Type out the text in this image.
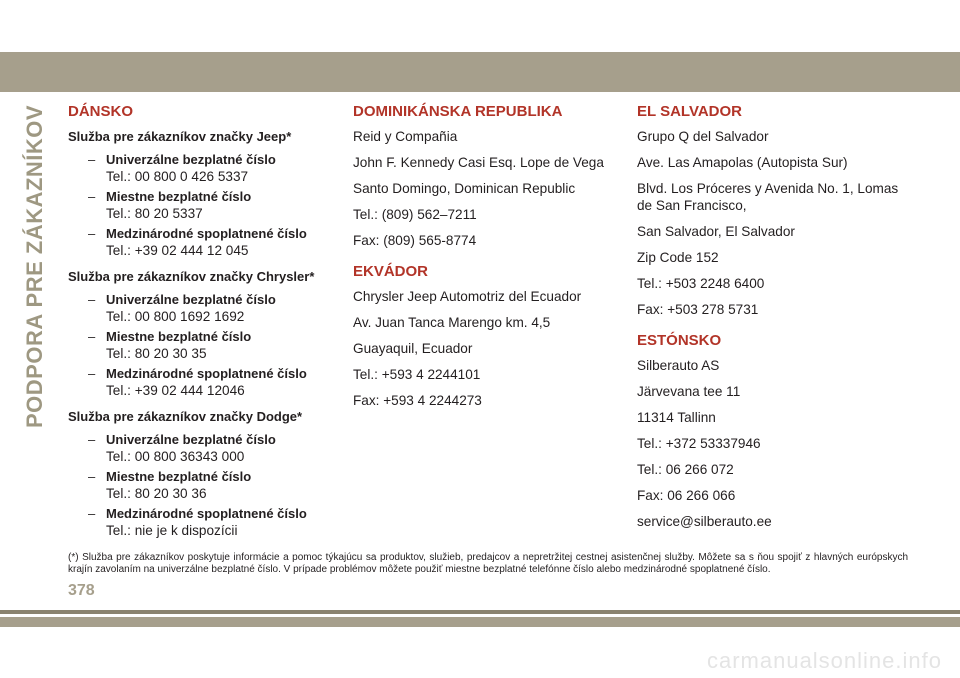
PODPORA PRE ZÁKAZNÍKOV DÁNSKO
Služba pre zákazníkov značky Jeep*
– Univerzálne bezplatné číslo
Tel.: 00 800 0 426 5337
– Miestne bezplatné číslo
Tel.: 80 20 5337
– Medzinárodné spoplatnené číslo
Tel.: +39 02 444 12 045
Služba pre zákazníkov značky Chrysler*
– Univerzálne bezplatné číslo
Tel.: 00 800 1692 1692
– Miestne bezplatné číslo
Tel.: 80 20 30 35
– Medzinárodné spoplatnené číslo
Tel.: +39 02 444 12046
Služba pre zákazníkov značky Dodge*
– Univerzálne bezplatné číslo
Tel.: 00 800 36343 000
– Miestne bezplatné číslo
Tel.: 80 20 30 36
– Medzinárodné spoplatnené číslo
Tel.: nie je k dispozícii
DOMINIKÁNSKA REPUBLIKA
Reid y Compañia
John F. Kennedy Casi Esq. Lope de Vega
Santo Domingo, Dominican Republic
Tel.: (809) 562–7211
Fax: (809) 565-8774
EKVÁDOR
Chrysler Jeep Automotriz del Ecuador
Av. Juan Tanca Marengo km. 4,5
Guayaquil, Ecuador
Tel.: +593 4 2244101
Fax: +593 4 2244273
EL SALVADOR
Grupo Q del Salvador
Ave. Las Amapolas (Autopista Sur)
Blvd. Los Próceres y Avenida No. 1, Lomas de San Francisco,
San Salvador, El Salvador
Zip Code 152
Tel.: +503 2248 6400
Fax: +503 278 5731
ESTÓNSKO
Silberauto AS
Järvevana tee 11
11314 Tallinn
Tel.: +372 53337946
Tel.: 06 266 072
Fax: 06 266 066
service@silberauto.ee
(*) Služba pre zákazníkov poskytuje informácie a pomoc týkajúcu sa produktov, služieb, predajcov a nepretržitej cestnej asistenčnej služby. Môžete sa s ňou spojiť z hlavných európskych krajín zavolaním na univerzálne bezplatné číslo. V prípade problémov môžete použiť miestne bezplatné telefónne číslo alebo medzinárodné spoplatnené číslo.
378
carmanualsonline.info
